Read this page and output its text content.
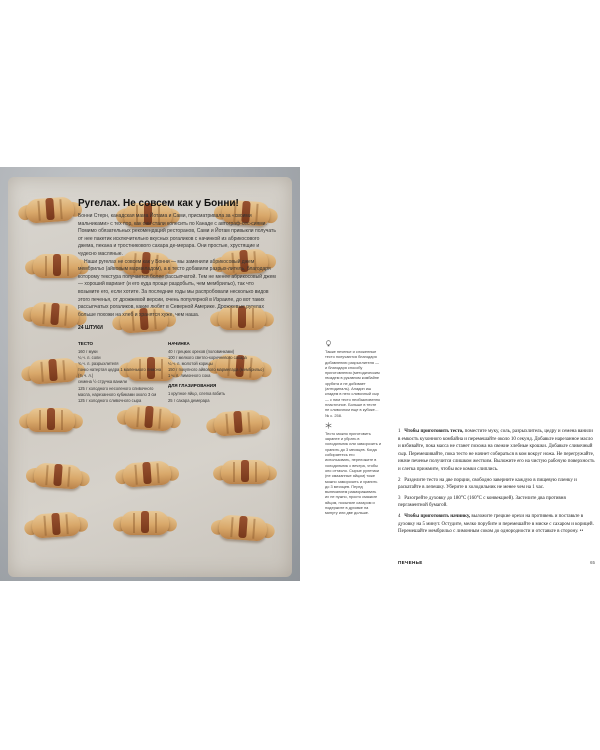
Ругелах. Не совсем как у Бонни!

Бонни Стерн, канадская мама Йотама и Сами, присматривала за «своими мальчиками» с тех пор, как они стали колесить по Канаде с автограф-сес-сиями. Помимо обязательных рекомендаций ресторанов, Сами и Йотам привыкли получать от нее пакетик исключительно вкусных рогаликов с начинкой из абрикосового джема, пекана и тростникового сахара де-мерара. Они простые, хрустящие и чудесно масляные.

Наши ругелах не совсем как у Бонни — мы заменили абрикосовый джем мембрильо (айвовым мармеладом), а в тесто добавили разрых-литель, благодаря которому текстура получается более рассыпчатой. Тем не менее абрикосовый джем — хороший вариант (и его куда проще раздобыть, чем мембрильо), так что возьмите его, если хотите. За последние годы мы распробовали несколько видов этого печенья, от дрожжевой версии, очень популярной в Израиле, до вот таких рассыпчатых рогаликов, какие любят в Северной Америке. Дрожжевые ругелах больше похожи на хлеб и хранятся хуже, чем наша.

24 ШТУКИ
ТЕСТО
160 г муки
¼ ч. л. соли
¾ ч. л. разрыхлителя
тонко натертая цедра 1 маленького лимона (¾ ч. л.)
семена ½ стручка ванили
125 г холодного несоленого сливочного масла, нарезанного кубиками около 3 см
125 г холодного сливочного сыра
НАЧИНКА
40 г грецких орехов (половинками)
100 г мелкого светло-коричневого сахара
¼ ч. л. молотой корицы
150 г покупного айвового мармелада (мембрильо)
1 ч. л. лимонного сока
ДЛЯ ГЛАЗИРОВАНИЯ
1 крупное яйцо, слегка взбить
25 г сахара демерара
Также печенье и сложенные тесто получаются благодаря добавлению разрыхлителя — и благодаря способу приготовления (методическим гвоздем в рукавном комбайне зрубята и не добивает (антидиналь). Аладин иш кладем в него сливочный сыр — с ним тесто необыкновенно пластичное. Больше в тесте не сливочном еще в кубике… № с. 258.
Тесто можно приготовить заранее и убрать в холодильник или заморозить и хранить до 3 месяцев. Когда собираетесь его использовать, переложите в холодильник с вечера, чтобы оно оттаяло. Сырые рулетики (не смазанные яйцом) тоже можно заморозить и хранить до 3 месяцев. Перед выпеканием размораживать их не нужно, просто смажьте яйцом, посыпьте сахаром и подержите в духовке на минуту или две дольше.

1 Чтобы приготовить тесто, поместите муку, соль, разрыхлитель, цедру и семена ванили в емкость кухонного комбайна и перемешайте около 10 секунд. Добавьте нарезанное масло и взбивайте, пока масса не станет похожа на свежие хлебные крошки. Добавьте сливочный сыр. Перемешивайте, пока тесто не начнет собираться в ком вокруг ножа. Не перегружайте, иначе печенье получится слишком жестким. Выложите его на чистую рабочую поверхность и слегка прижмите, чтобы все комки слиплись.

2 Разделите тесто на две порции, свободно заверните каждую в пищевую пленку и раскатайте в лепешку. Уберите в холодильник не менее чем на 1 час.

3 Разогрейте духовку до 180°C (160°C с конвекцией). Застелите два противня пергаментной бумагой.

4 Чтобы приготовить начинку, выложите грецкие орехи на противень и поставьте в духовку на 5 минут. Остудите, мелко порубите и перемешайте в миске с сахаром и корицей. Перемешайте мембрильо с лимонным соком до однородности и отставьте в сторону. ••

ПЕЧЕНЬЕ	65
